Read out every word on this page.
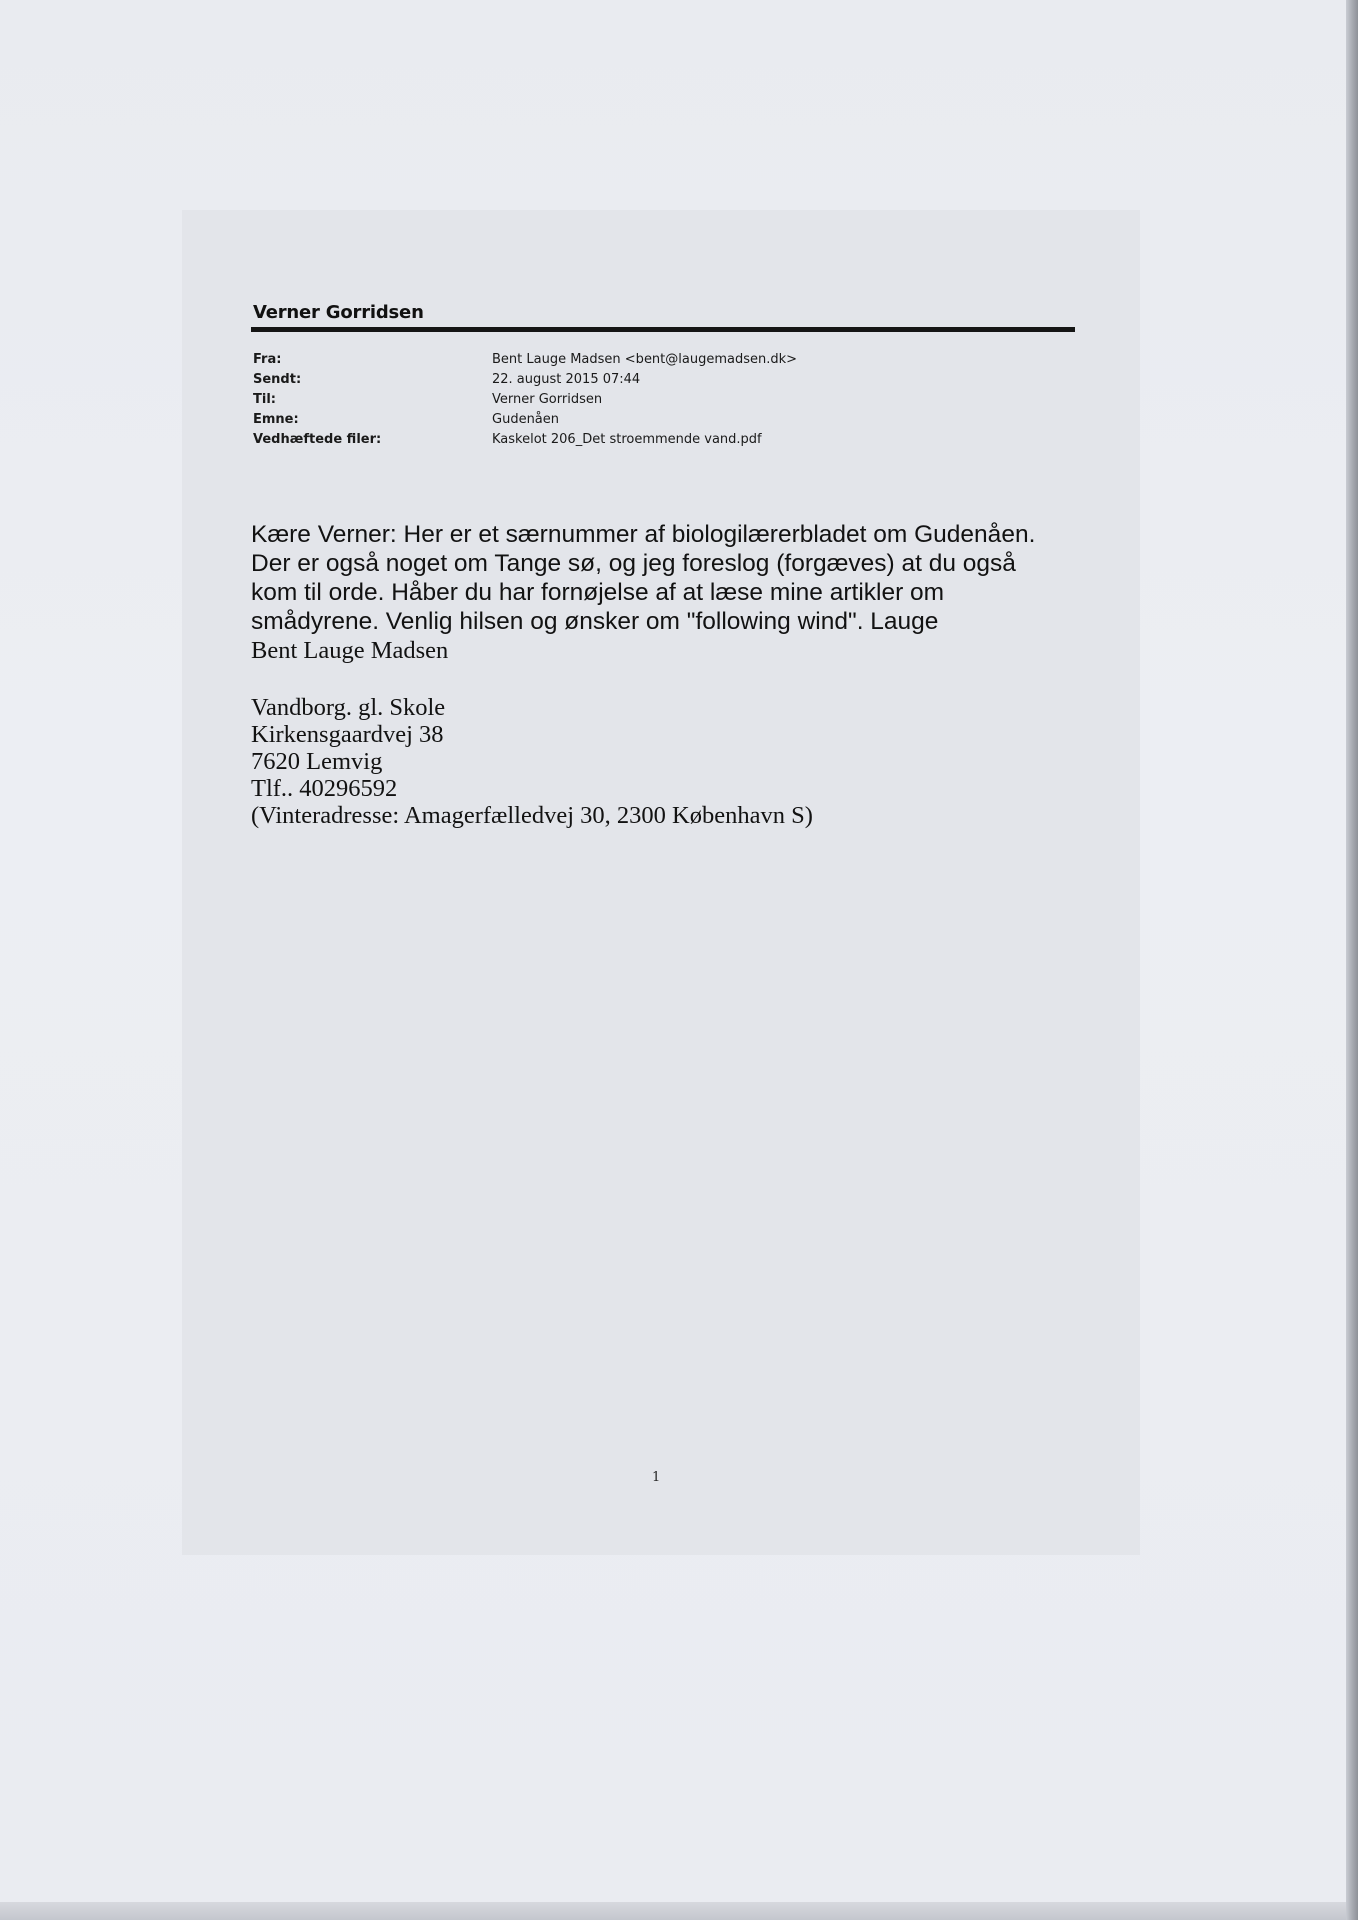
Verner Gorridsen
Fra:	Bent Lauge Madsen <bent@laugemadsen.dk>
Sendt:	22. august 2015 07:44
Til:	Verner Gorridsen
Emne:	Gudenåen
Vedhæftede filer:	Kaskelot 206_Det stroemmende vand.pdf
Kære Verner: Her er et særnummer af biologilærerbladet om Gudenåen.
Der er også noget om Tange sø, og jeg foreslog (forgæves) at du også
kom til orde. Håber du har fornøjelse af at læse mine artikler om
smådyrene. Venlig hilsen og ønsker om "following wind". Lauge
Bent Lauge Madsen
Vandborg. gl. Skole
Kirkensgaardvej 38
7620 Lemvig
Tlf.. 40296592
(Vinteradresse: Amagerfælledvej 30, 2300 København S)
1
